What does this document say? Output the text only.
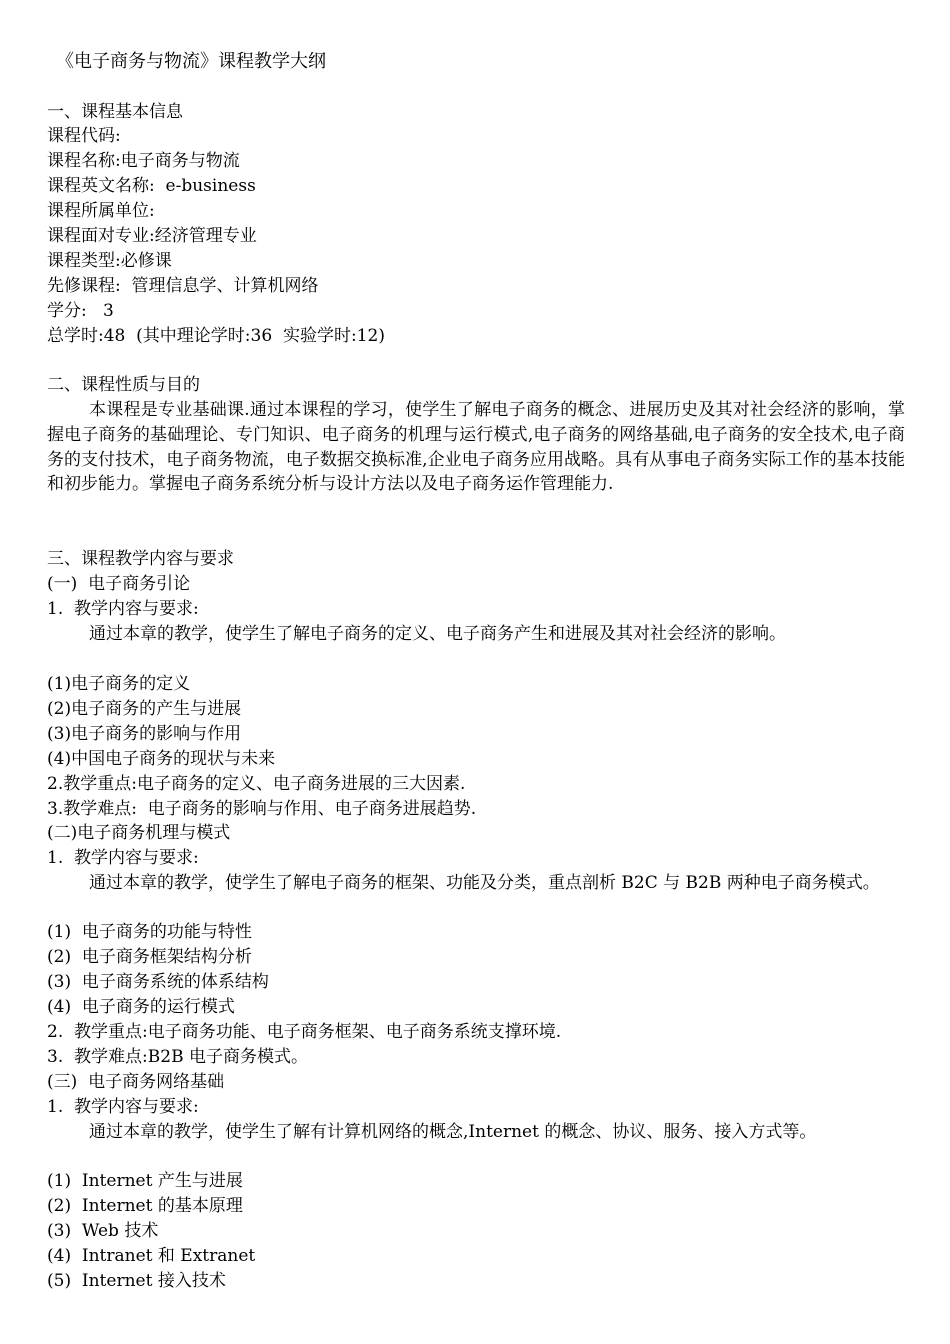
《电子商务与物流》课程教学大纲
一、课程基本信息
课程代码:
课程名称:电子商务与物流
课程英文名称:  e-business
课程所属单位:
课程面对专业:经济管理专业
课程类型:必修课
先修课程:  管理信息学、计算机网络
学分:   3
总学时:48  (其中理论学时:36  实验学时:12)
二、课程性质与目的

本课程是专业基础课.通过本课程的学习，使学生了解电子商务的概念、进展历史及其对社会经济的影响，掌握电子商务的基础理论、专门知识、电子商务的机理与运行模式,电子商务的网络基础,电子商务的安全技术,电子商务的支付技术，电子商务物流，电子数据交换标准,企业电子商务应用战略。具有从事电子商务实际工作的基本技能和初步能力。掌握电子商务系统分析与设计方法以及电子商务运作管理能力.

三、课程教学内容与要求
(一)  电子商务引论
1.  教学内容与要求:

通过本章的教学，使学生了解电子商务的定义、电子商务产生和进展及其对社会经济的影响。

(1)电子商务的定义
(2)电子商务的产生与进展
(3)电子商务的影响与作用
(4)中国电子商务的现状与未来
2.教学重点:电子商务的定义、电子商务进展的三大因素.
3.教学难点:  电子商务的影响与作用、电子商务进展趋势.
(二)电子商务机理与模式
1.  教学内容与要求:

通过本章的教学，使学生了解电子商务的框架、功能及分类，重点剖析 B2C 与 B2B 两种电子商务模式。

(1)  电子商务的功能与特性
(2)  电子商务框架结构分析
(3)  电子商务系统的体系结构
(4)  电子商务的运行模式
2.  教学重点:电子商务功能、电子商务框架、电子商务系统支撑环境.
3.  教学难点:B2B 电子商务模式。
(三)  电子商务网络基础
1.  教学内容与要求:

通过本章的教学，使学生了解有计算机网络的概念,Internet 的概念、协议、服务、接入方式等。

(1)  Internet 产生与进展
(2)  Internet 的基本原理
(3)  Web 技术
(4)  Intranet 和 Extranet
(5)  Internet 接入技术
